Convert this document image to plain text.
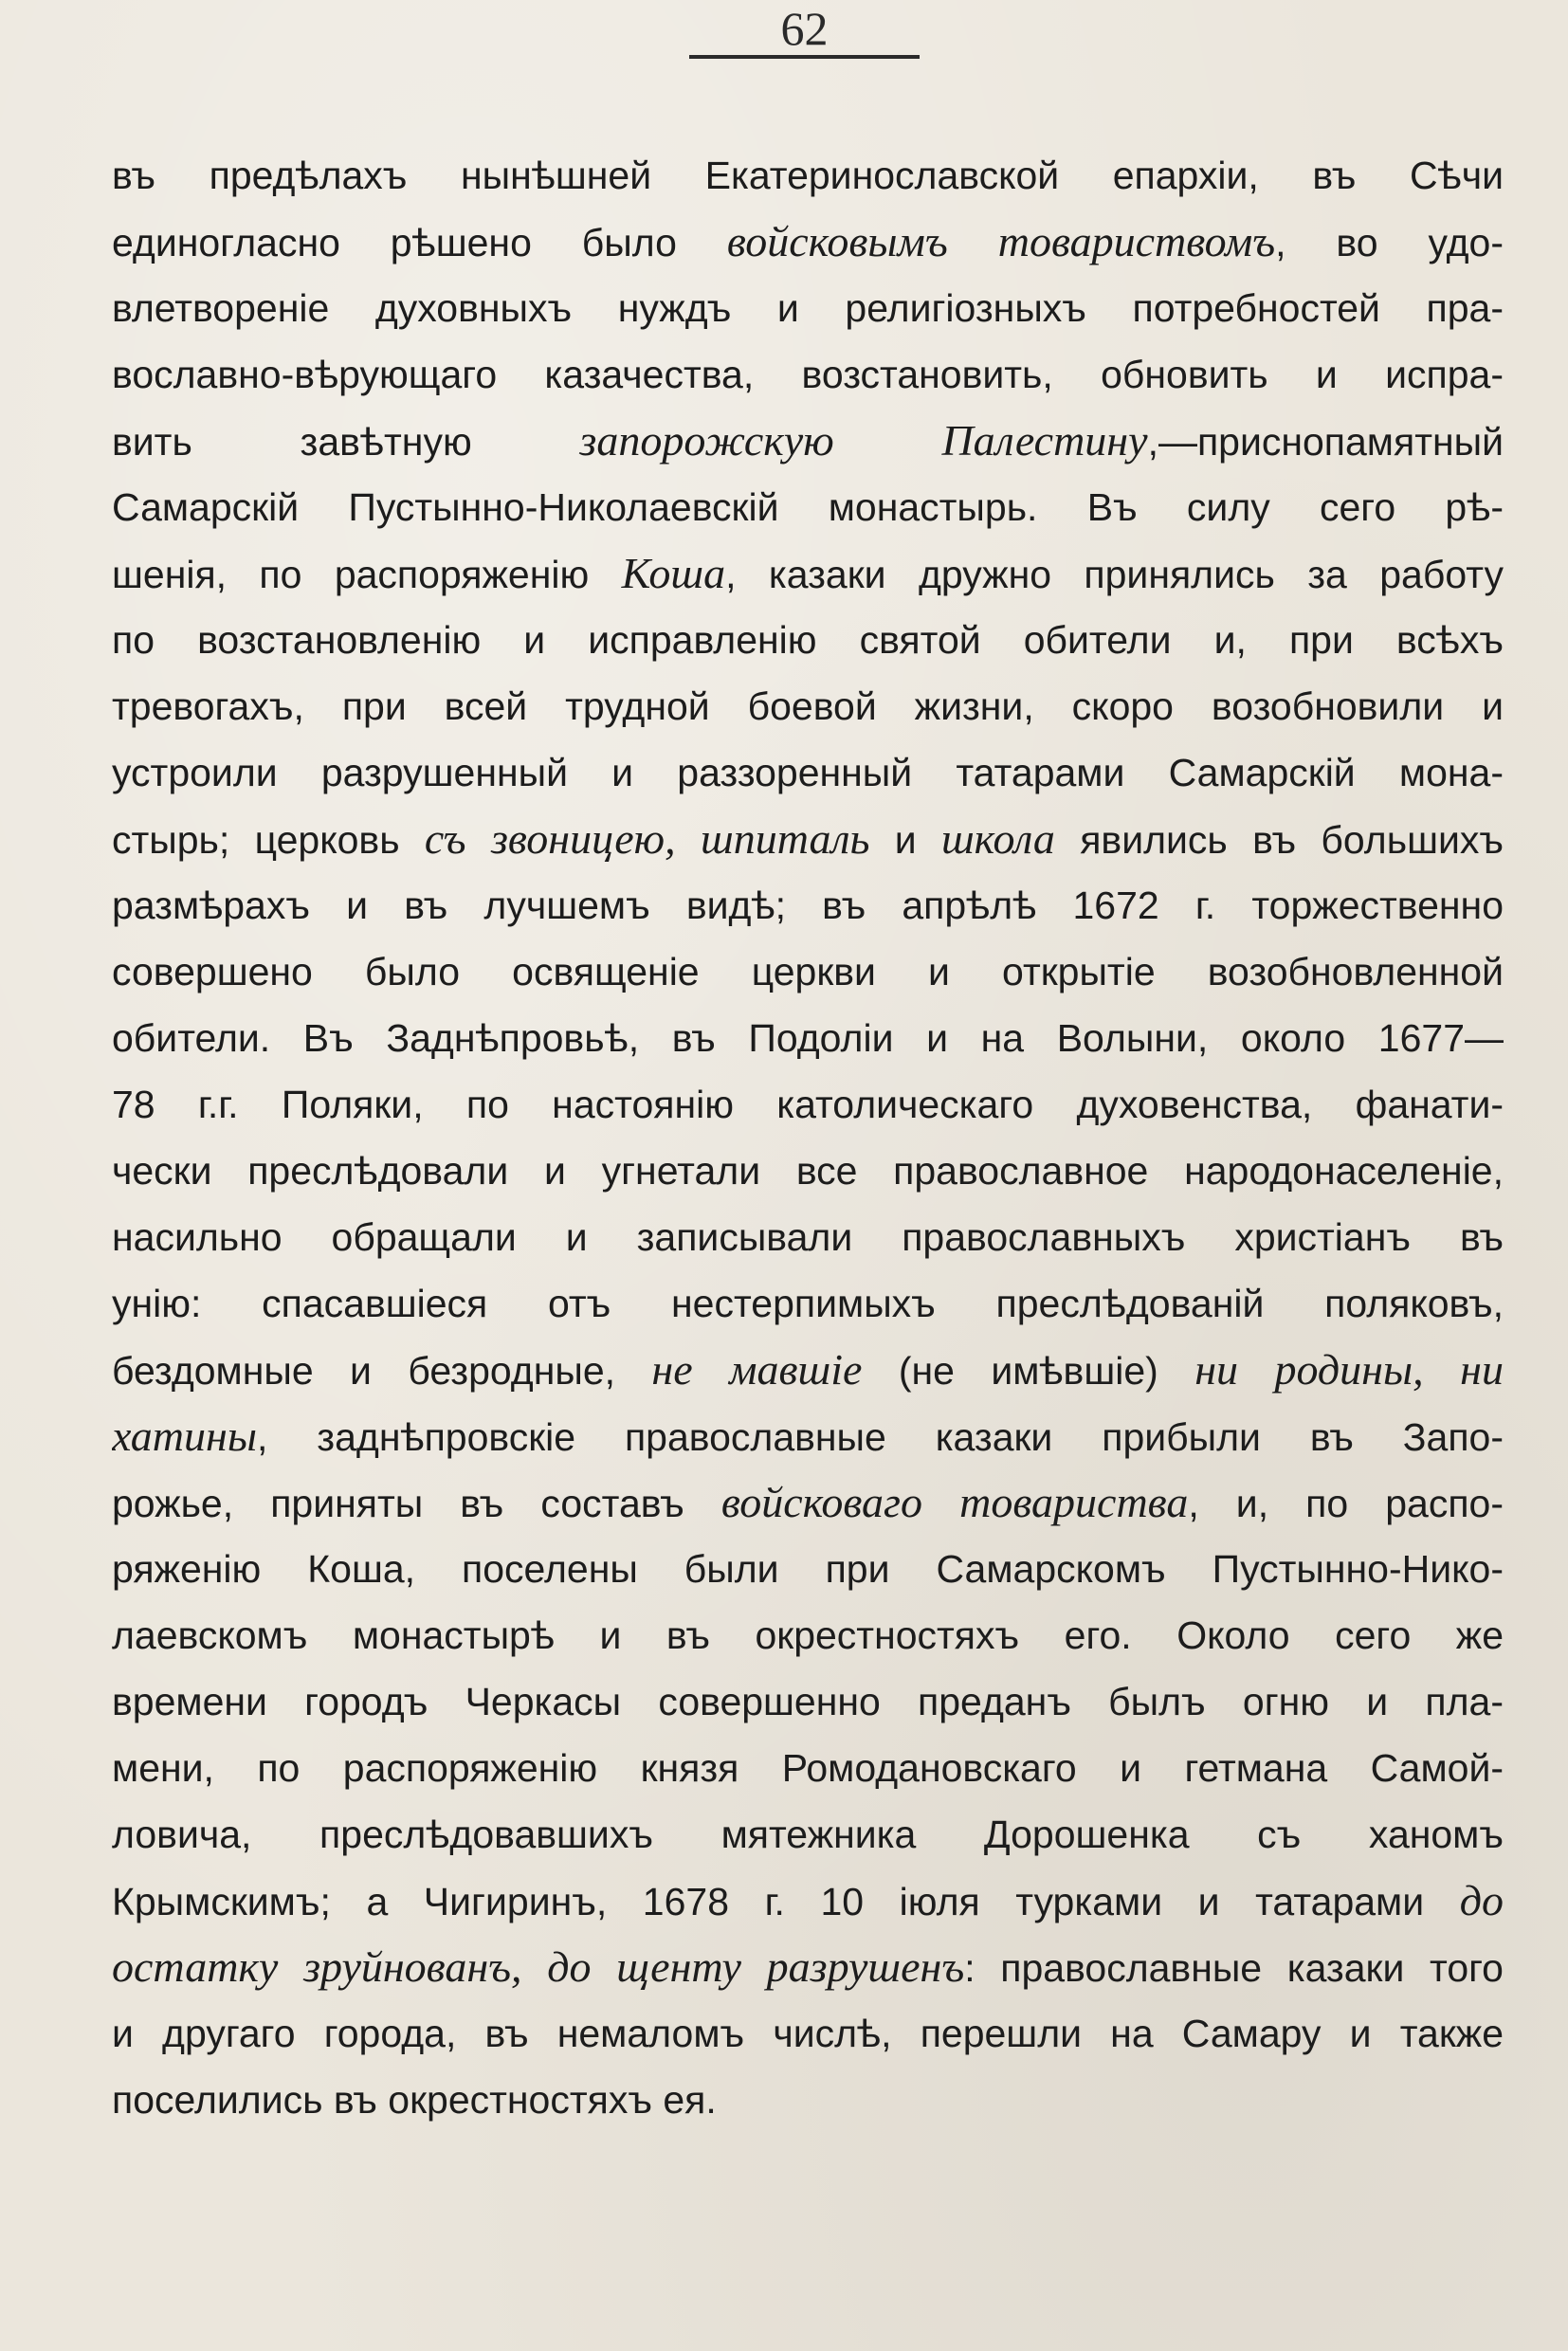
62
въ предѣлахъ нынѣшней Екатеринославской епархіи, въ Сѣчи
единогласно рѣшено было войсковымъ товариствомъ, во удо-
влетвореніе духовныхъ нуждъ и религіозныхъ потребностей пра-
вославно-вѣрующаго казачества, возстановить, обновить и испра-
вить завѣтную запорожскую Палестину,—приснопамятный
Самарскій Пустынно-Николаевскій монастырь. Въ силу сего рѣ-
шенія, по распоряженію Коша, казаки дружно принялись за работу
по возстановленію и исправленію святой обители и, при всѣхъ
тревогахъ, при всей трудной боевой жизни, скоро возобновили и
устроили разрушенный и раззоренный татарами Самарскій мона-
стырь; церковь съ звоницею, шпиталь и школа явились въ большихъ
размѣрахъ и въ лучшемъ видѣ; въ апрѣлѣ 1672 г. торжественно
совершено было освященіе церкви и открытіе возобновленной
обители. Въ Заднѣпровьѣ, въ Подоліи и на Волыни, около 1677—
78 г.г. Поляки, по настоянію католическаго духовенства, фанати-
чески преслѣдовали и угнетали все православное народонаселеніе,
насильно обращали и записывали православныхъ христіанъ въ
унію: спасавшіеся отъ нестерпимыхъ преслѣдованій поляковъ,
бездомные и безродные, не мавшіе (не имѣвшіе) ни родины, ни
хатины, заднѣпровскіе православные казаки прибыли въ Запо-
рожье, приняты въ составъ войсковаго товариства, и, по распо-
ряженію Коша, поселены были при Самарскомъ Пустынно-Нико-
лаевскомъ монастырѣ и въ окрестностяхъ его. Около сего же
времени городъ Черкасы совершенно преданъ былъ огню и пла-
мени, по распоряженію князя Ромодановскаго и гетмана Самой-
ловича, преслѣдовавшихъ мятежника Дорошенка съ ханомъ
Крымскимъ; а Чигиринъ, 1678 г. 10 іюля турками и татарами до
остатку зруйнованъ, до щенту разрушенъ: православные казаки того
и другаго города, въ немаломъ числѣ, перешли на Самару и также
поселились въ окрестностяхъ ея.
